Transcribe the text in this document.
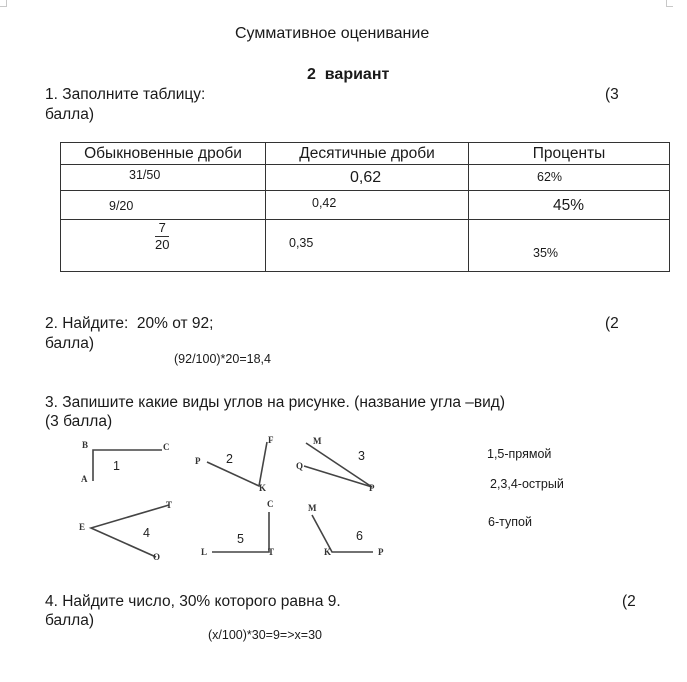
Суммативное оценивание
2  вариант
1. Заполните таблицу:	(3
балла)
Обыкновенные дроби	Десятичные дроби	Проценты

31/50	0,62	62%

9/20	0,42	45%

7
20	0,35	35%
2. Найдите:  20% от 92;	(2
балла)
(92/100)*20=18,4
3. Запишите какие виды углов на рисунке. (название угла –вид)
(3 балла)
B	C
A
P
F
K
M
Q
P
E
T
O
C
L	T
M
K	P
1	2	3
4	5	6
1,5-прямой
2,3,4-острый
6-тупой
4. Найдите число, 30% которого равна 9.	(2
балла)
(x/100)*30=9=>x=30
